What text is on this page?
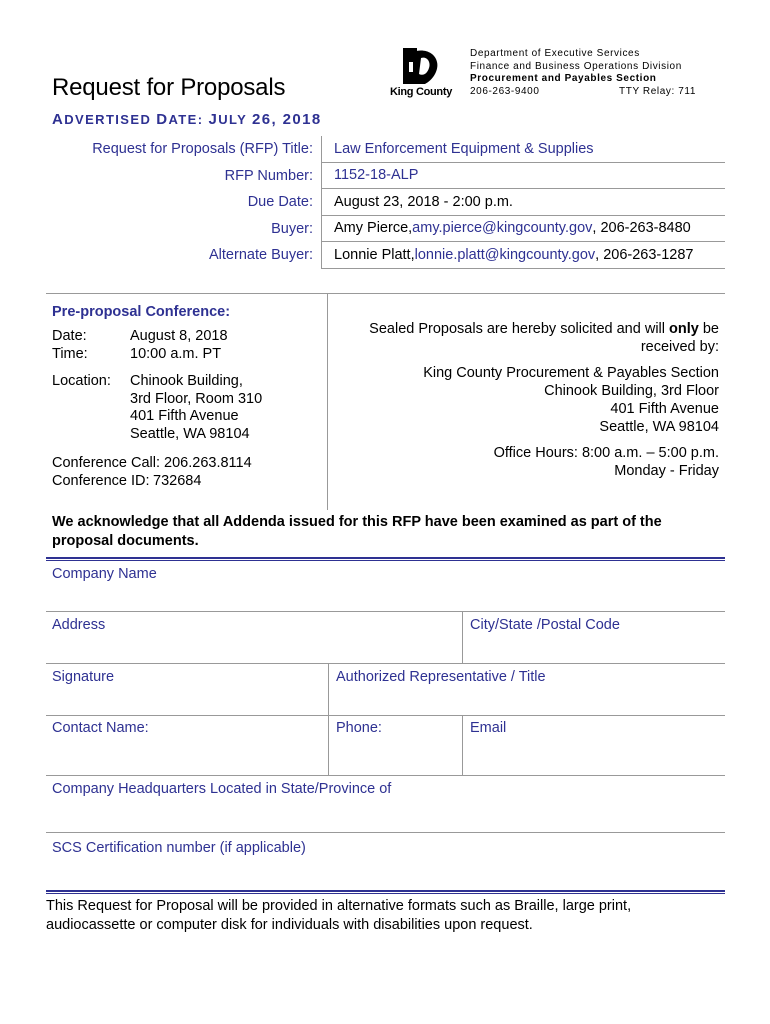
Request for Proposals	King County
Department of Executive Services
Finance and Business Operations Division
Procurement and Payables Section
206-263-9400	TTY Relay: 711
ADVERTISED DATE: JULY 26, 2018
Request for Proposals (RFP) Title:	Law Enforcement Equipment & Supplies
RFP Number:	1152-18-ALP
Due Date:	August 23, 2018 - 2:00 p.m.
Buyer:	Amy Pierce, amy.pierce@kingcounty.gov , 206-263-8480
Alternate Buyer:	Lonnie Platt, lonnie.platt@kingcounty.gov , 206-263-1287
Pre-proposal Conference:
Date:	August 8, 2018
Time:	10:00 a.m. PT
Location:	Chinook Building,
3rd Floor, Room 310
401 Fifth Avenue
Seattle, WA 98104
Conference Call: 206.263.8114
Conference ID: 732684
Sealed Proposals are hereby solicited and will only be
received by:
King County Procurement & Payables Section
Chinook Building, 3rd Floor
401 Fifth Avenue
Seattle, WA 98104
Office Hours: 8:00 a.m. – 5:00 p.m.
Monday - Friday
We acknowledge that all Addenda issued for this RFP have been examined as part of the proposal documents.
Company Name
Address	City/State /Postal Code
Signature	Authorized Representative / Title
Contact Name:	Phone:	Email
Company Headquarters Located in State/Province of
SCS Certification number (if applicable)
This Request for Proposal will be provided in alternative formats such as Braille, large print, audiocassette or computer disk for individuals with disabilities upon request.
